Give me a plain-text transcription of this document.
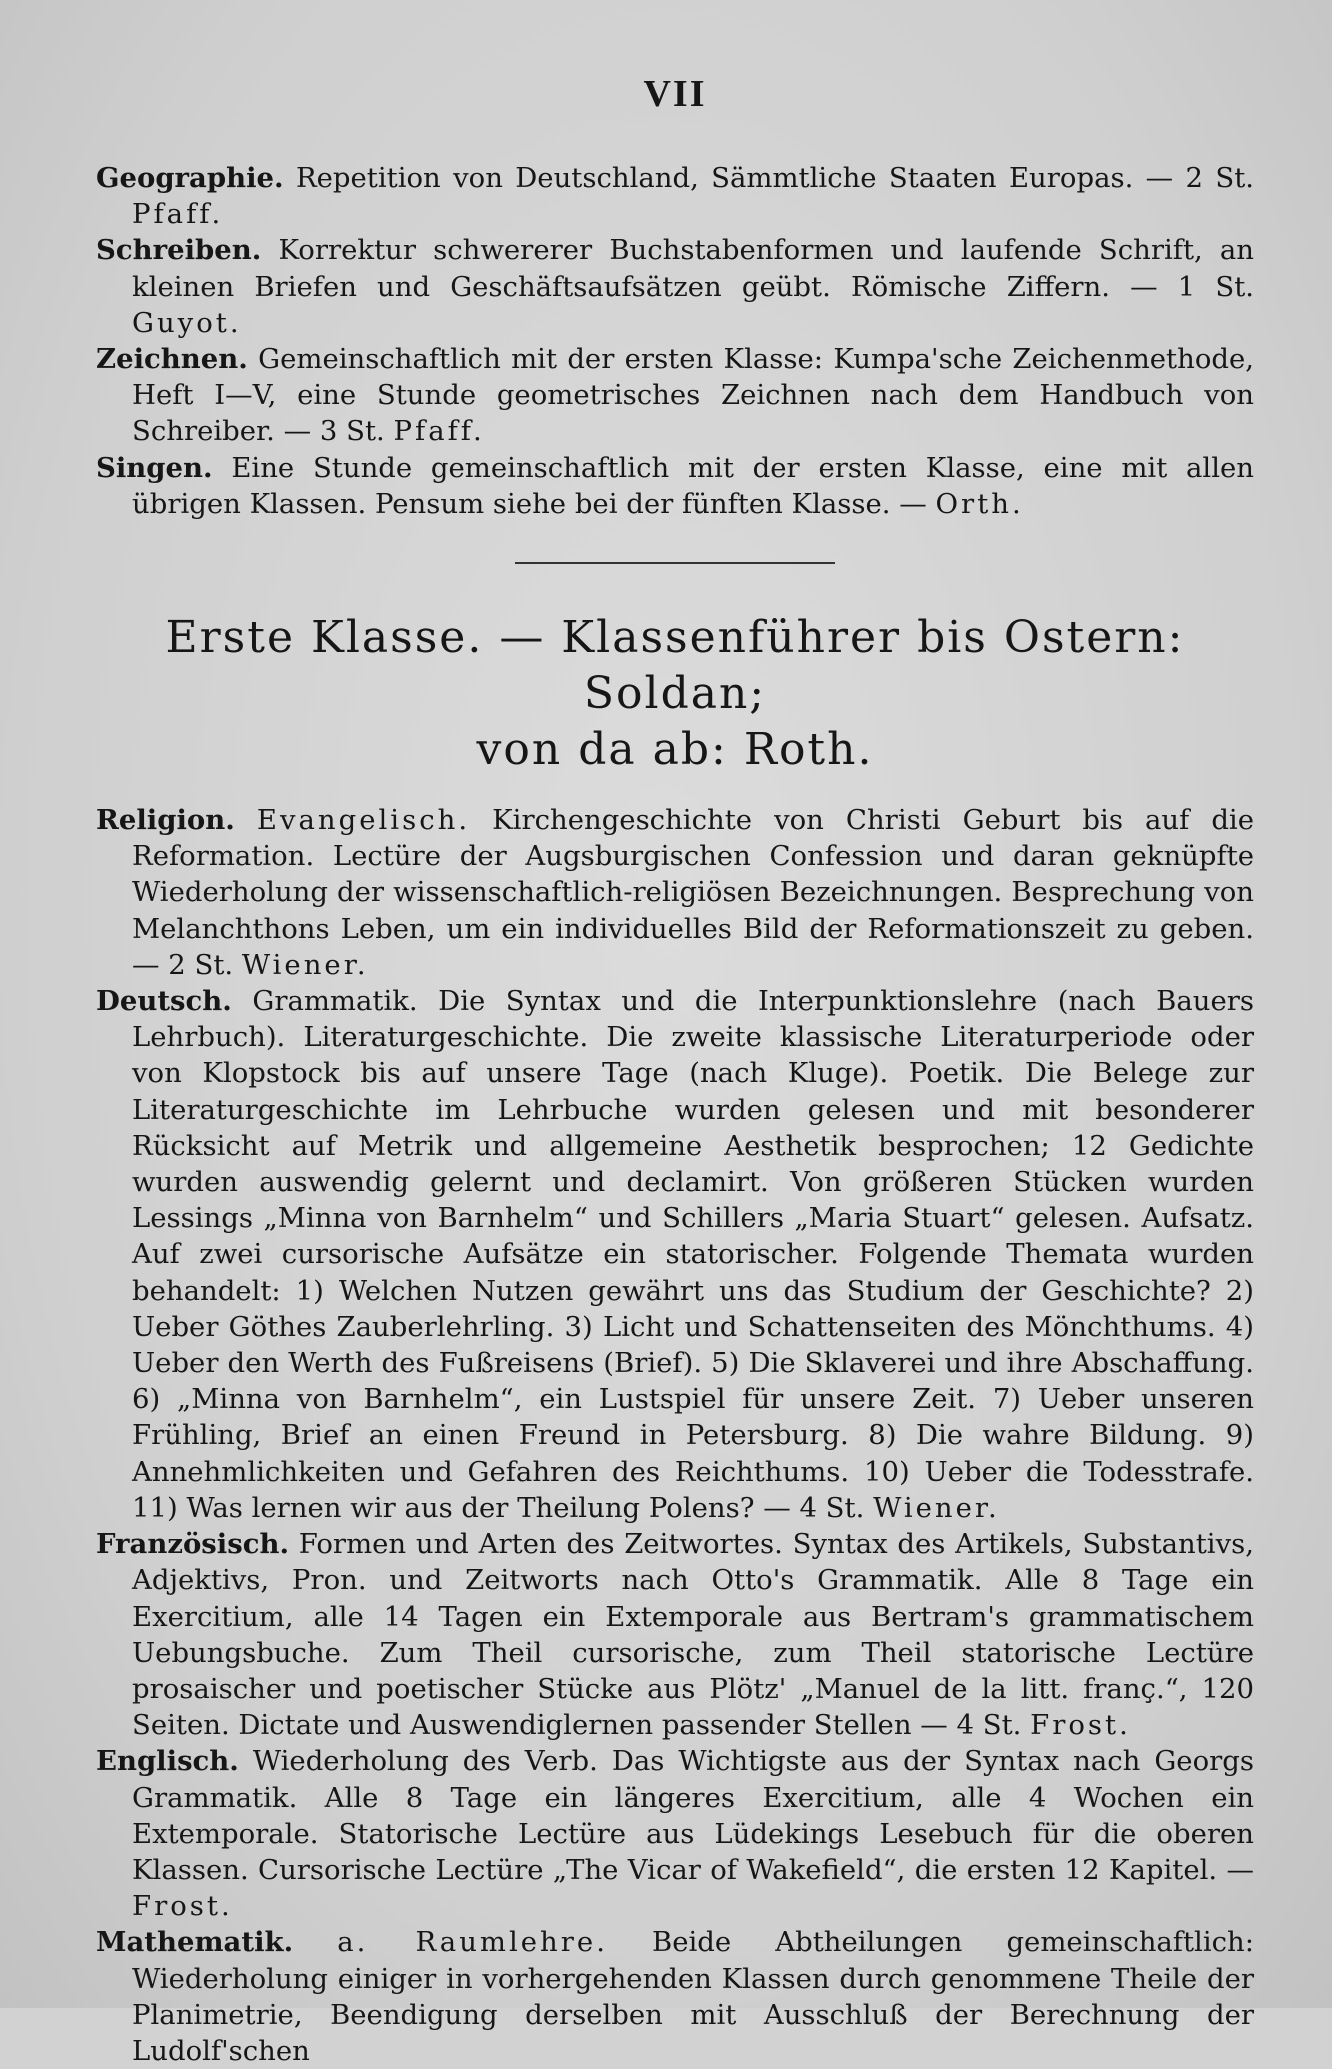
VII

Geographie. Repetition von Deutschland, Sämmtliche Staaten Europas. — 2 St. Pfaff.

Schreiben. Korrektur schwererer Buchstabenformen und laufende Schrift, an kleinen Briefen und Geschäftsaufsätzen geübt. Römische Ziffern. — 1 St. Guyot.

Zeichnen. Gemeinschaftlich mit der ersten Klasse: Kumpa'sche Zeichenmethode, Heft I—V, eine Stunde geometrisches Zeichnen nach dem Handbuch von Schreiber. — 3 St. Pfaff.

Singen. Eine Stunde gemeinschaftlich mit der ersten Klasse, eine mit allen übrigen Klassen. Pensum siehe bei der fünften Klasse. — Orth.

Erste Klasse. — Klassenführer bis Ostern: Soldan;
von da ab: Roth.

Religion. Evangelisch. Kirchengeschichte von Christi Geburt bis auf die Reformation. Lectüre der Augsburgischen Confession und daran geknüpfte Wiederholung der wissenschaftlich-religiösen Bezeichnungen. Besprechung von Melanchthons Leben, um ein individuelles Bild der Reformationszeit zu geben. — 2 St. Wiener.

Deutsch. Grammatik. Die Syntax und die Interpunktionslehre (nach Bauers Lehrbuch). Literaturgeschichte. Die zweite klassische Literaturperiode oder von Klopstock bis auf unsere Tage (nach Kluge). Poetik. Die Belege zur Literaturgeschichte im Lehrbuche wurden gelesen und mit besonderer Rücksicht auf Metrik und allgemeine Aesthetik besprochen; 12 Gedichte wurden auswendig gelernt und declamirt. Von größeren Stücken wurden Lessings „Minna von Barnhelm“ und Schillers „Maria Stuart“ gelesen. Aufsatz. Auf zwei cursorische Aufsätze ein statorischer. Folgende Themata wurden behandelt: 1) Welchen Nutzen gewährt uns das Studium der Geschichte? 2) Ueber Göthes Zauberlehrling. 3) Licht und Schattenseiten des Mönchthums. 4) Ueber den Werth des Fußreisens (Brief). 5) Die Sklaverei und ihre Abschaffung. 6) „Minna von Barnhelm“, ein Lustspiel für unsere Zeit. 7) Ueber unseren Frühling, Brief an einen Freund in Petersburg. 8) Die wahre Bildung. 9) Annehmlichkeiten und Gefahren des Reichthums. 10) Ueber die Todesstrafe. 11) Was lernen wir aus der Theilung Polens? — 4 St. Wiener.

Französisch. Formen und Arten des Zeitwortes. Syntax des Artikels, Substantivs, Adjektivs, Pron. und Zeitworts nach Otto's Grammatik. Alle 8 Tage ein Exercitium, alle 14 Tagen ein Extemporale aus Bertram's grammatischem Uebungsbuche. Zum Theil cursorische, zum Theil statorische Lectüre prosaischer und poetischer Stücke aus Plötz' „Manuel de la litt. franç.“, 120 Seiten. Dictate und Auswendiglernen passender Stellen — 4 St. Frost.

Englisch. Wiederholung des Verb. Das Wichtigste aus der Syntax nach Georgs Grammatik. Alle 8 Tage ein längeres Exercitium, alle 4 Wochen ein Extemporale. Statorische Lectüre aus Lüdekings Lesebuch für die oberen Klassen. Cursorische Lectüre „The Vicar of Wakefield“, die ersten 12 Kapitel. — Frost.

Mathematik. a. Raumlehre. Beide Abtheilungen gemeinschaftlich: Wiederholung einiger in vorhergehenden Klassen durch genommene Theile der Planimetrie, Beendigung derselben mit Ausschluß der Berechnung der Ludolf'schen
